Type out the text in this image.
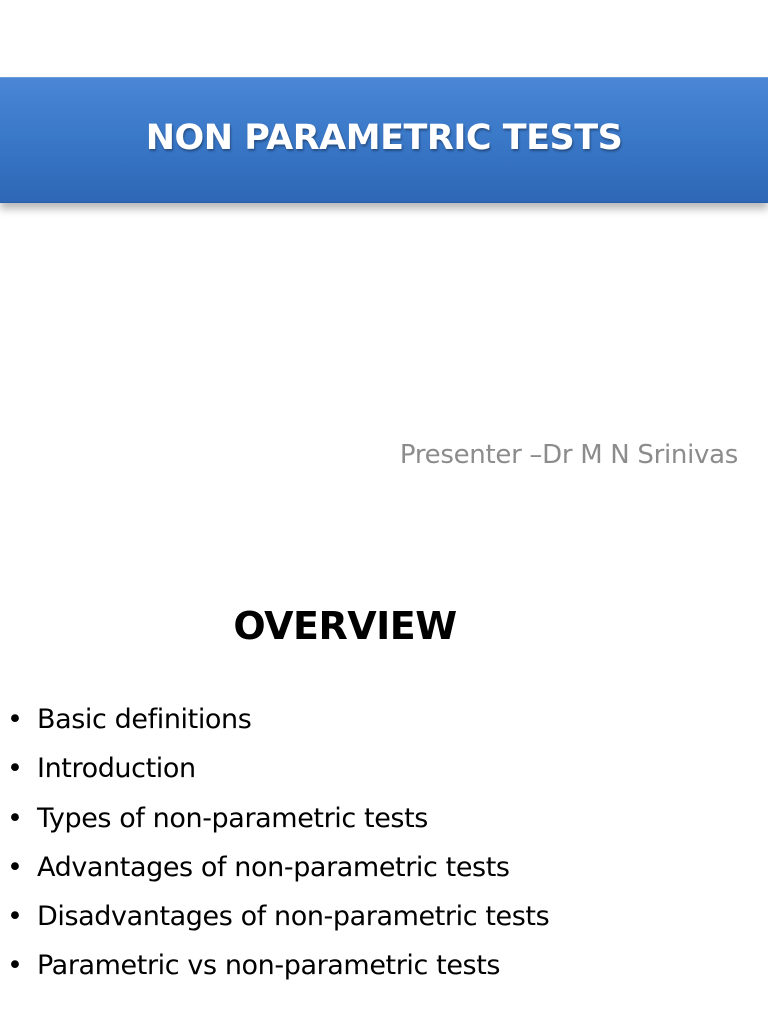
NON PARAMETRIC TESTS
Presenter –Dr M N Srinivas
OVERVIEW
• Basic definitions
• Introduction
• Types of non-parametric tests
• Advantages of non-parametric tests
• Disadvantages of non-parametric tests
• Parametric vs non-parametric tests
